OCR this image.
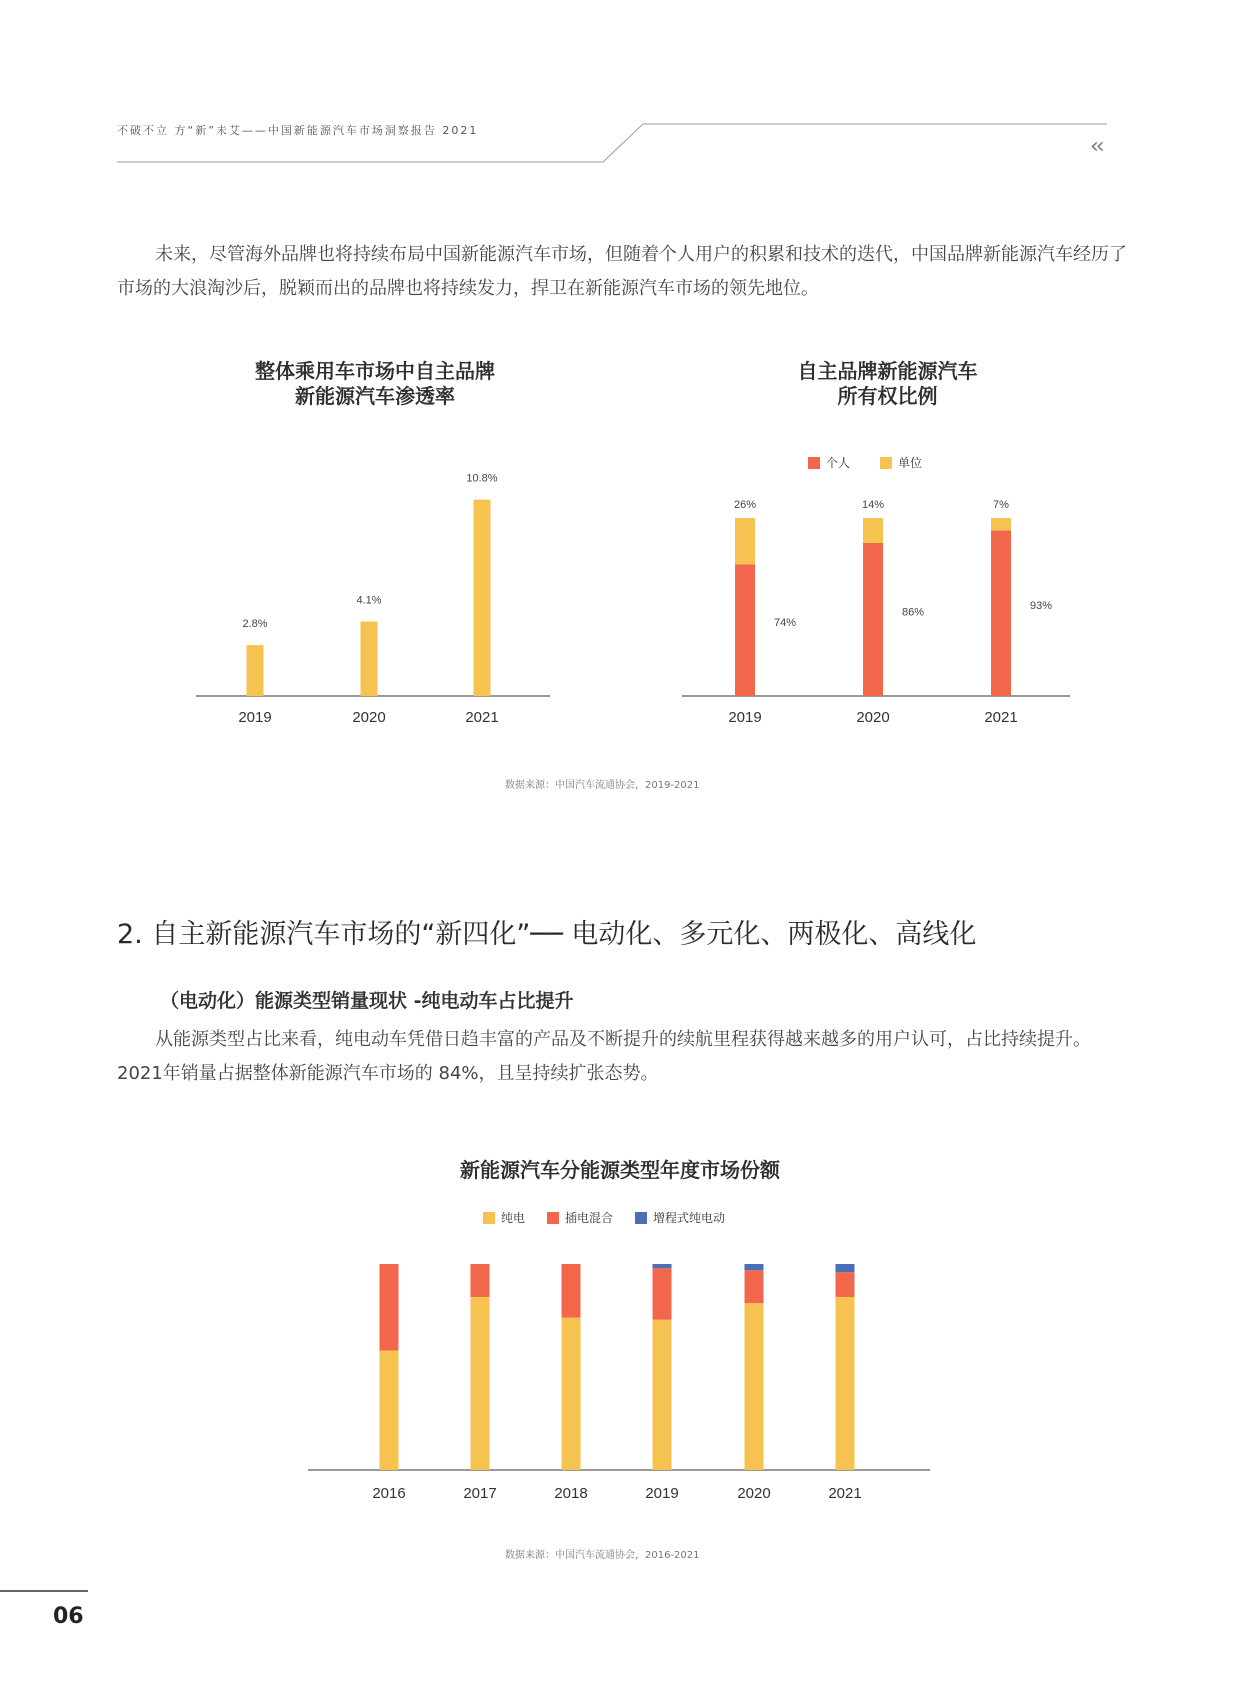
不破不立 方“新”未艾——中国新能源汽车市场洞察报告 2021
‹‹
未来，尽管海外品牌也将持续布局中国新能源汽车市场，但随着个人用户的积累和技术的迭代，中国品牌新能源汽车经历了市场的大浪淘沙后，脱颖而出的品牌也将持续发力，捍卫在新能源汽车市场的领先地位。
整体乘用车市场中自主品牌
新能源汽车渗透率
2.8%
2019
4.1%
2020
10.8%
2021
自主品牌新能源汽车
所有权比例
个人	单位
26%
74%
2019
14%
86%
2020
7%
93%
2021
数据来源：中国汽车流通协会，2019-2021
2. 自主新能源汽车市场的“新四化”── 电动化、多元化、两极化、高线化
（电动化）能源类型销量现状 -纯电动车占比提升
从能源类型占比来看，纯电动车凭借日趋丰富的产品及不断提升的续航里程获得越来越多的用户认可，占比持续提升。2021年销量占据整体新能源汽车市场的 84%，且呈持续扩张态势。
新能源汽车分能源类型年度市场份额
纯电	插电混合	增程式纯电动
2016	2017	2018	2019	2020	2021
数据来源：中国汽车流通协会，2016-2021
06
